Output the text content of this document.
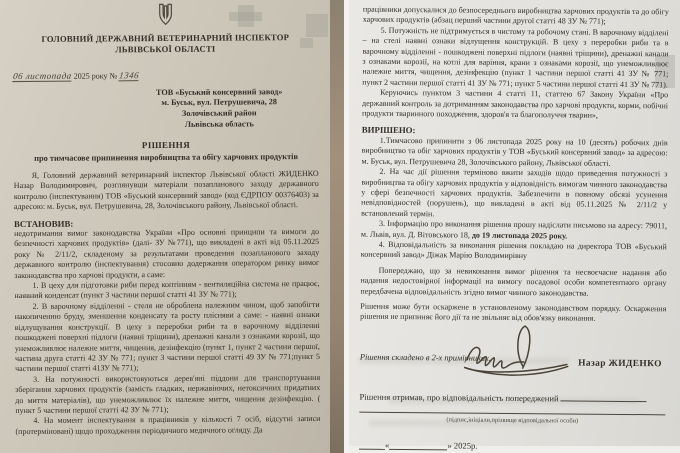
ГОЛОВНИЙ ДЕРЖАВНИЙ ВЕТЕРИНАРНИЙ ІНСПЕКТОР
ЛЬВІВСЬКОЇ ОБЛАСТІ
06 листопада 2025 року № 1346
ТОВ «Буський консервний завод»
м. Буськ, вул. Петрушевича, 28
Золочівський район
Львівська область
РІШЕННЯ
про тимчасове припинення виробництва та обігу харчових продуктів

Я, Головний державний ветеринарний інспектор Львівської області ЖИДЕНКО Назар Володимирович, розглянувши матеріали позапланового заходу державного контролю (інспектування) ТОВ «Буський консервний завод» (код ЄДРПОУ 00376403) за адресою: м. Буськ, вул. Петрушевича, 28, Золочівського району, Львівської області.

ВСТАНОВИВ:

недотримання вимог законодавства України «Про основні принципи та вимоги до безпечності харчових продуктів» (далі- ЗУ №771), що викладені в акті від 05.11.2025 року № 2/11/2, складеному за результатами проведення позапланового заходу державного контролю (інспектування) стосовно додержання оператором ринку вимог законодавства про харчові продукти, а саме:

1. В цеху для підготовки риби перед коптінням - вентиляційна система не працює, наявний конденсат (пункт 3 частини першої статті 41 ЗУ № 771);

2. В варочному відділенні - стеля не оброблена належним чином, щоб запобігти накопиченню бруду, зменшення конденсату та росту плісняви а саме: - наявні ознаки відлущування конструкції. В цеху з переробки риби та в варочному відділенні пошкоджені поверхні підлоги (наявні тріщини), дренажні канали з ознаками корозії, що унеможливлює належне миття, чищення, дезінфекцію (пункт 1, пункт 2 частини першої, частина друга статті 42 ЗУ № 771; пункт 3 частини першої статті 49 ЗУ № 771;пункт 5 частини першої статті 41ЗУ № 771);

3. На потужності використовуються дерев'яні піддони для транспортування зберігання харчових продуктів (замість гладких, нержавіючих, нетоксичних придатних до миття матеріалів), що унеможливлює їх належне миття, чищення дезінфекцію. ( пункт 5 частини першої статті 42 ЗУ № 771);

4. На момент інспектування в працівників у кількості 7 осіб, відсутні записи (протерміновані) щодо проходження періодичного медичного огляду. Да

працівники допускалися до безпосереднього виробництва харчових продуктів та до обігу харчових продуктів (абзац перший частини другої статті 48 ЗУ № 771);

5. Потужність не підтримується в чистому та робочому стані. В варочному відділені – на стелі наявні ознаки відлущення конструкцій. В цеху з переробки риби та в варочному відділенні - пошкоджені поверхні підлоги (наявні тріщини), дренажні канали з ознаками корозії, на котлі для варіння, крани з ознаками корозії, що унеможливлює належне миття, чищення, дезінфекцію (пункт 1 частини першої статті 41 ЗУ № 771; пункт 2 частини першої статті 41 ЗУ № 771; пункт 5 частини першої статті 41 ЗУ № 771).

Керуючись пунктом 3 частини 4 статті 11, статтею 67 Закону України «Про державний контроль за дотриманням законодавства про харчові продукти, корми, побічні продукти тваринного походження, здоров'я та благополуччя тварин»,

ВИРІШЕНО:

1.Тимчасово припинити з 06 листопада 2025 року на 10 (десять) робочих днів виробництво та обіг харчових продуктів у ТОВ «Буський консервний завод» за адресою: м. Буськ, вул. Петрушевича 28, Золочівського району, Львівської області.

2. На час дії рішення терміново вжити заходів щодо приведення потужності з виробництва та обігу харчових продуктів у відповідність вимогам чинного законодавства у сфері безпечності харчових продуктів. Забезпечити в повному обсязі усунення невідповідностей (порушень), що викладені в акті від 05.11.2025 № 2/11/2 у встановлений термін.

3. Інформацію про виконання рішення прошу надіслати письмово на адресу: 79011, м. Львів, вул. Д. Вітовського 18, до 19 листопада 2025 року.

4. Відповідальність за виконання рішення покладаю на директора ТОВ «Буський консервний завод» Діжак Марію Володимирівну

Попереджаю, що за невиконання вимог рішення та несвоєчасне надання або надання недостовірної інформації на вимогу посадової особи компетентного органу передбачена відповідальність згідно вимог чинного законодавства.

Рішення може бути оскаржене в установленому законодавством порядку. Оскарження рішення не припиняє його дії та не звільняє від обов'язку виконання.

Рішення складено в 2-х примірниках.
Назар ЖИДЕНКО
Рішення отримав, про відповідальність попереджений
(підпис,ініціали,прізвище відповідальної особи)
«	» 2025р.
